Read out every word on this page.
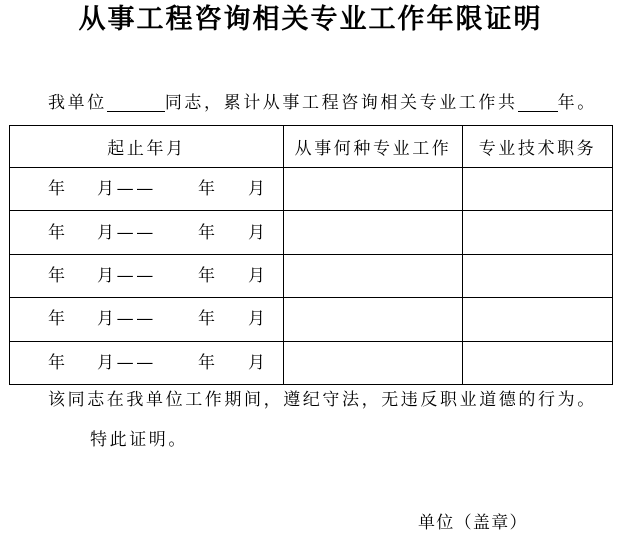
从事工程咨询相关专业工作年限证明
我单位	同志，累计从事工程咨询相关专业工作共 年。
起止年月	从事何种专业工作	专业技术职务

年 月—— 年 月		

年 月—— 年 月		

年 月—— 年 月		

年 月—— 年 月		

年 月—— 年 月		

该同志在我单位工作期间，遵纪守法，无违反职业道德的行为。
特此证明。
单位（盖章）
